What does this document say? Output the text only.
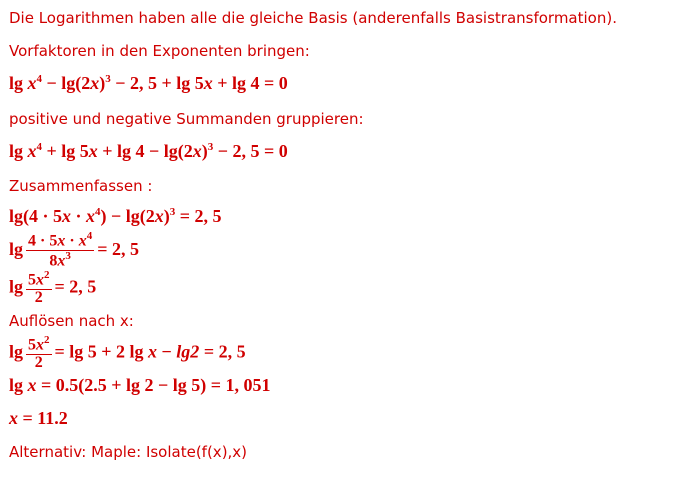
Die Logarithmen haben alle die gleiche Basis (anderenfalls Basistransformation).
Vorfaktoren in den Exponenten bringen:
$\lg x^4 - \lg(2x)^3 - 2$, 5 + lg 5x + lg 4 = 0
positive und negative Summanden gruppieren:
$\lg x^4 + \lg 5x + \lg 4 - \lg(2x)^3 - 2$, 5 = 0
Zusammenfassen :
$\lg(4 \cdot 5x \cdot x^4) - \lg(2x)^3 = 2$, 5
$\lg \frac{4 \cdot 5x \cdot x^4}{8x^3} = 2$, 5
$\lg \frac{5x^2}{2} = 2$, 5
Auflösen nach x:
$\lg \frac{5x^2}{2} = \lg 5 + 2$ lg x − lg2 = 2, 5
lg x = 0.5(2.5 + lg 2 − lg 5) = 1, 051
x = 11.2
Alternativ: Maple: Isolate(f(x),x)
